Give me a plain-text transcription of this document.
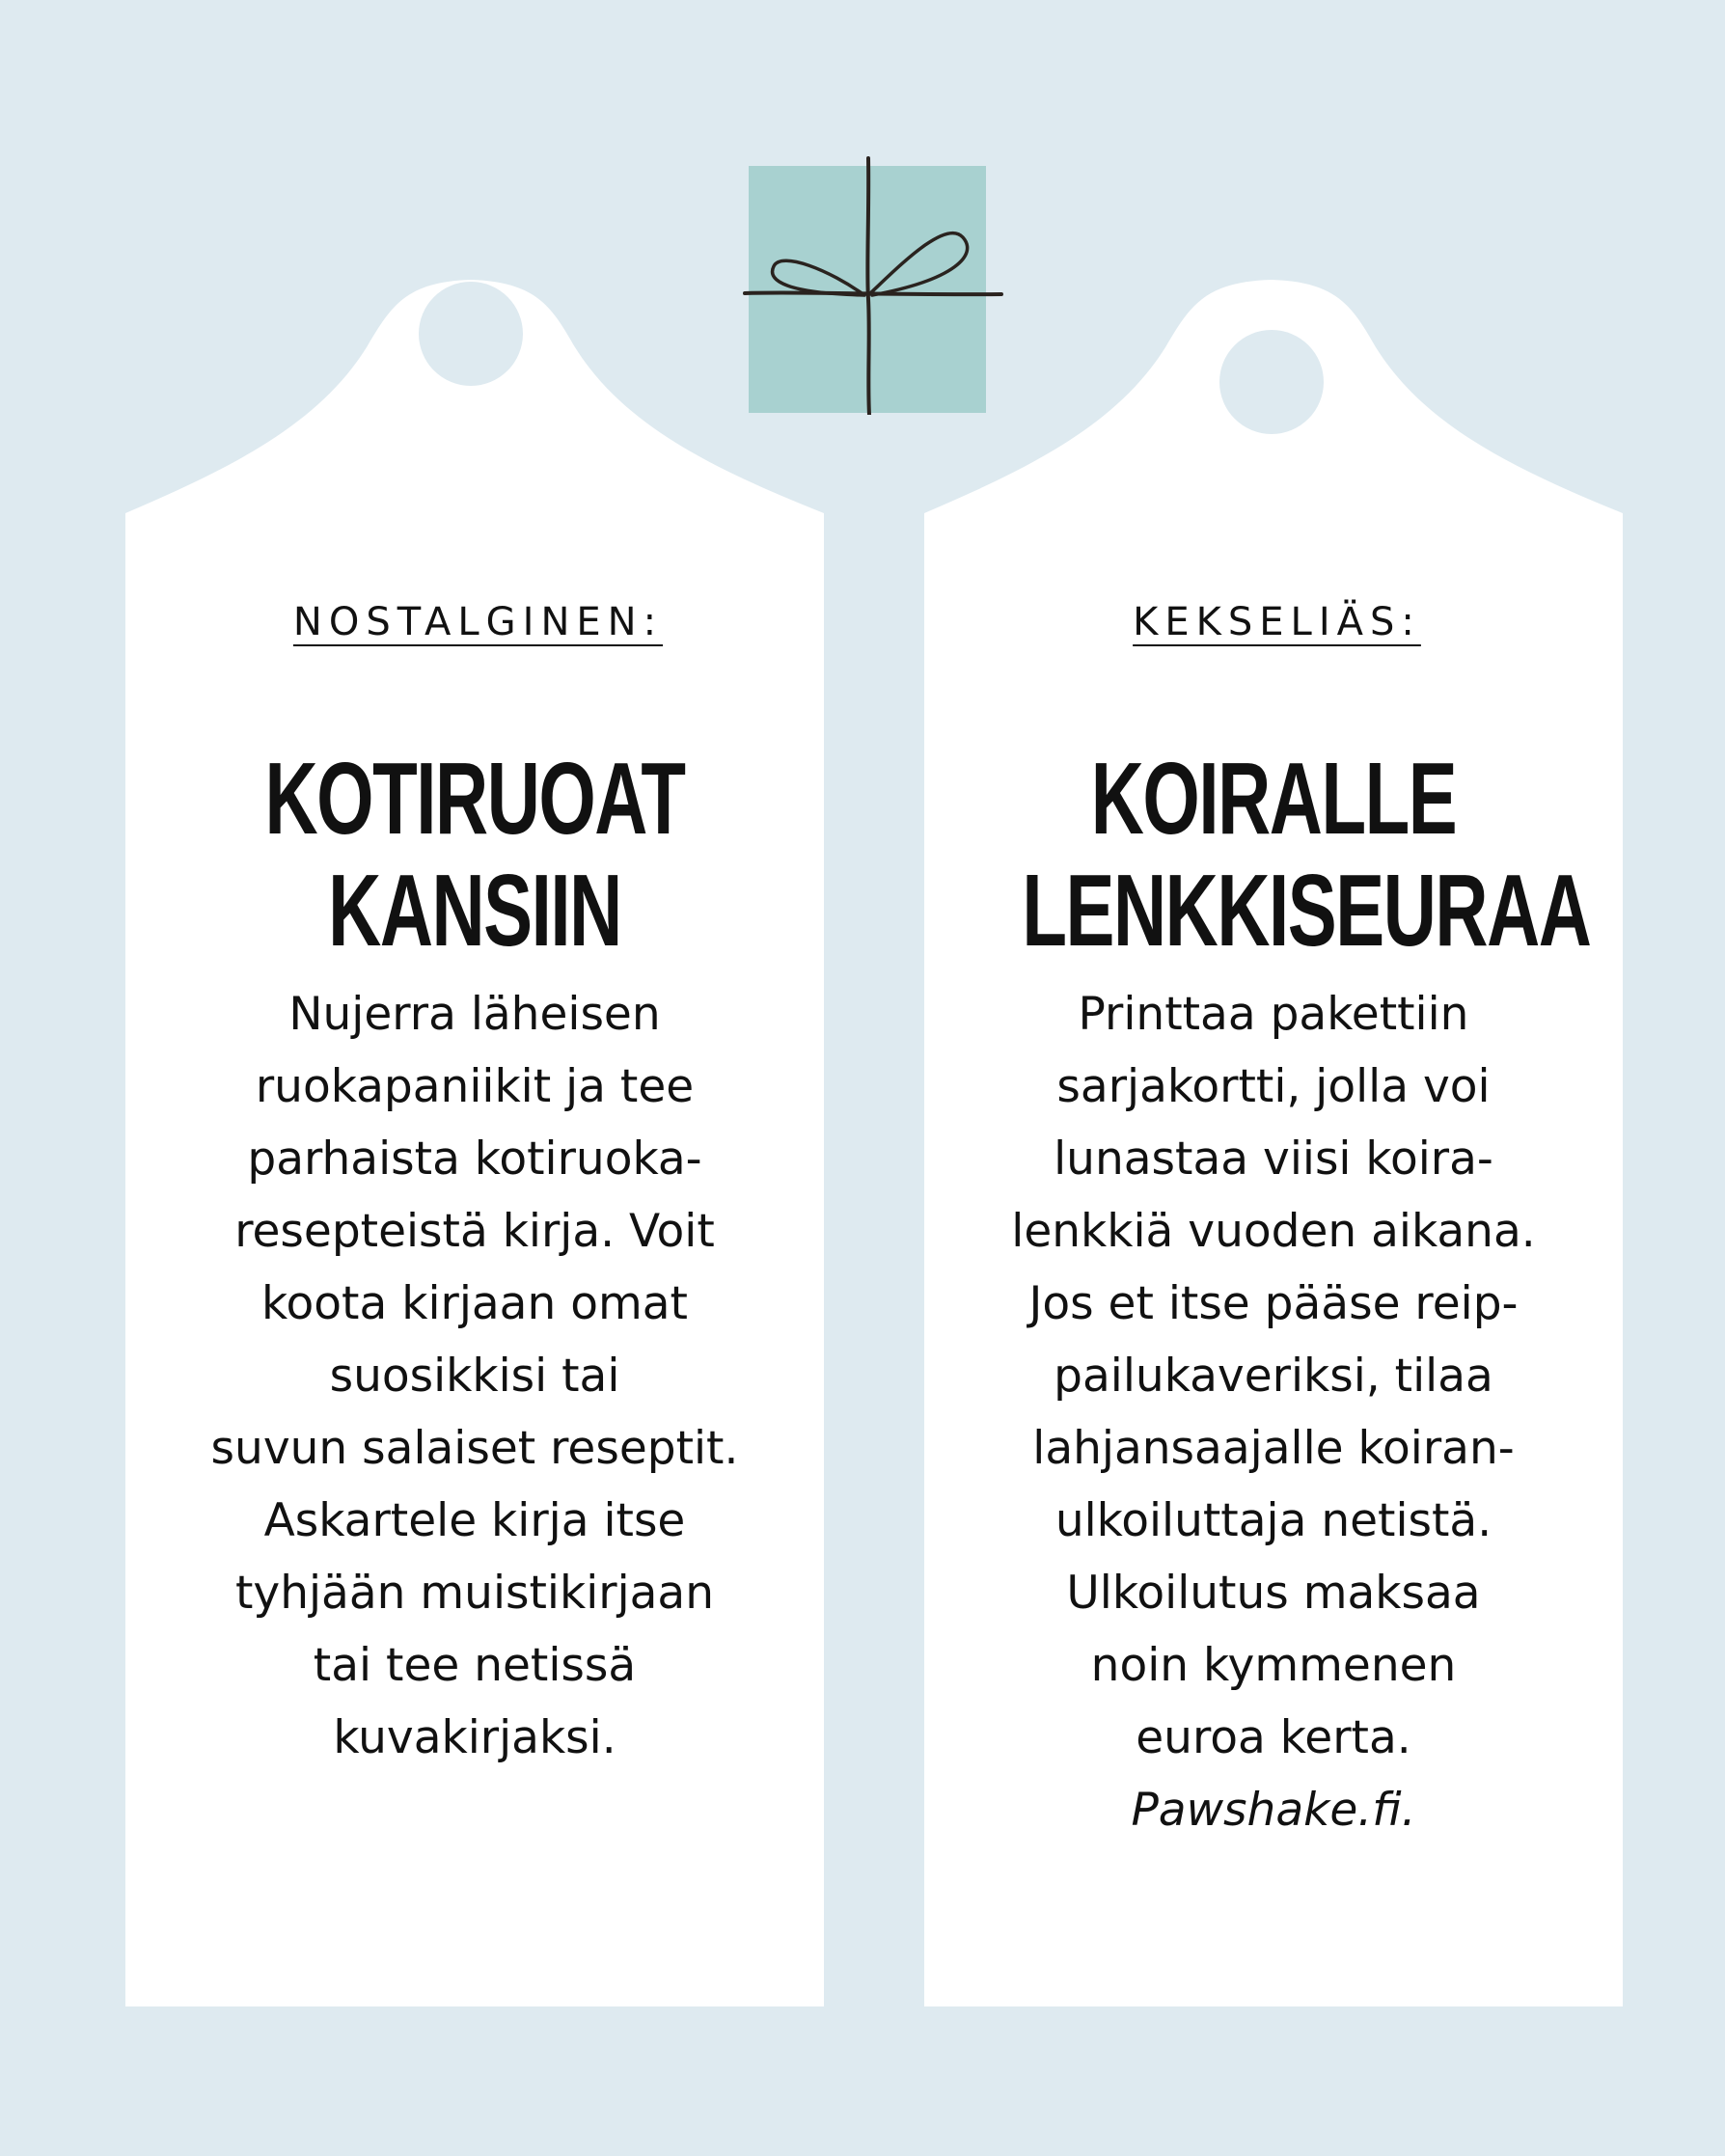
NOSTALGINEN:
KOTIRUOAT
KANSIIN
Nujerra läheisen
ruokapaniikit ja tee
parhaista kotiruoka-
resepteistä kirja. Voit
koota kirjaan omat
suosikkisi tai
suvun salaiset reseptit.
Askartele kirja itse
tyhjään muistikirjaan
tai tee netissä
kuvakirjaksi.
KEKSELIÄS:
KOIRALLE
LENKKISEURAA
Printtaa pakettiin
sarjakortti, jolla voi
lunastaa viisi koira-
lenkkiä vuoden aikana.
Jos et itse pääse reip-
pailukaveriksi, tilaa
lahjansaajalle koiran-
ulkoiluttaja netistä.
Ulkoilutus maksaa
noin kymmenen
euroa kerta.
Pawshake.fi.
